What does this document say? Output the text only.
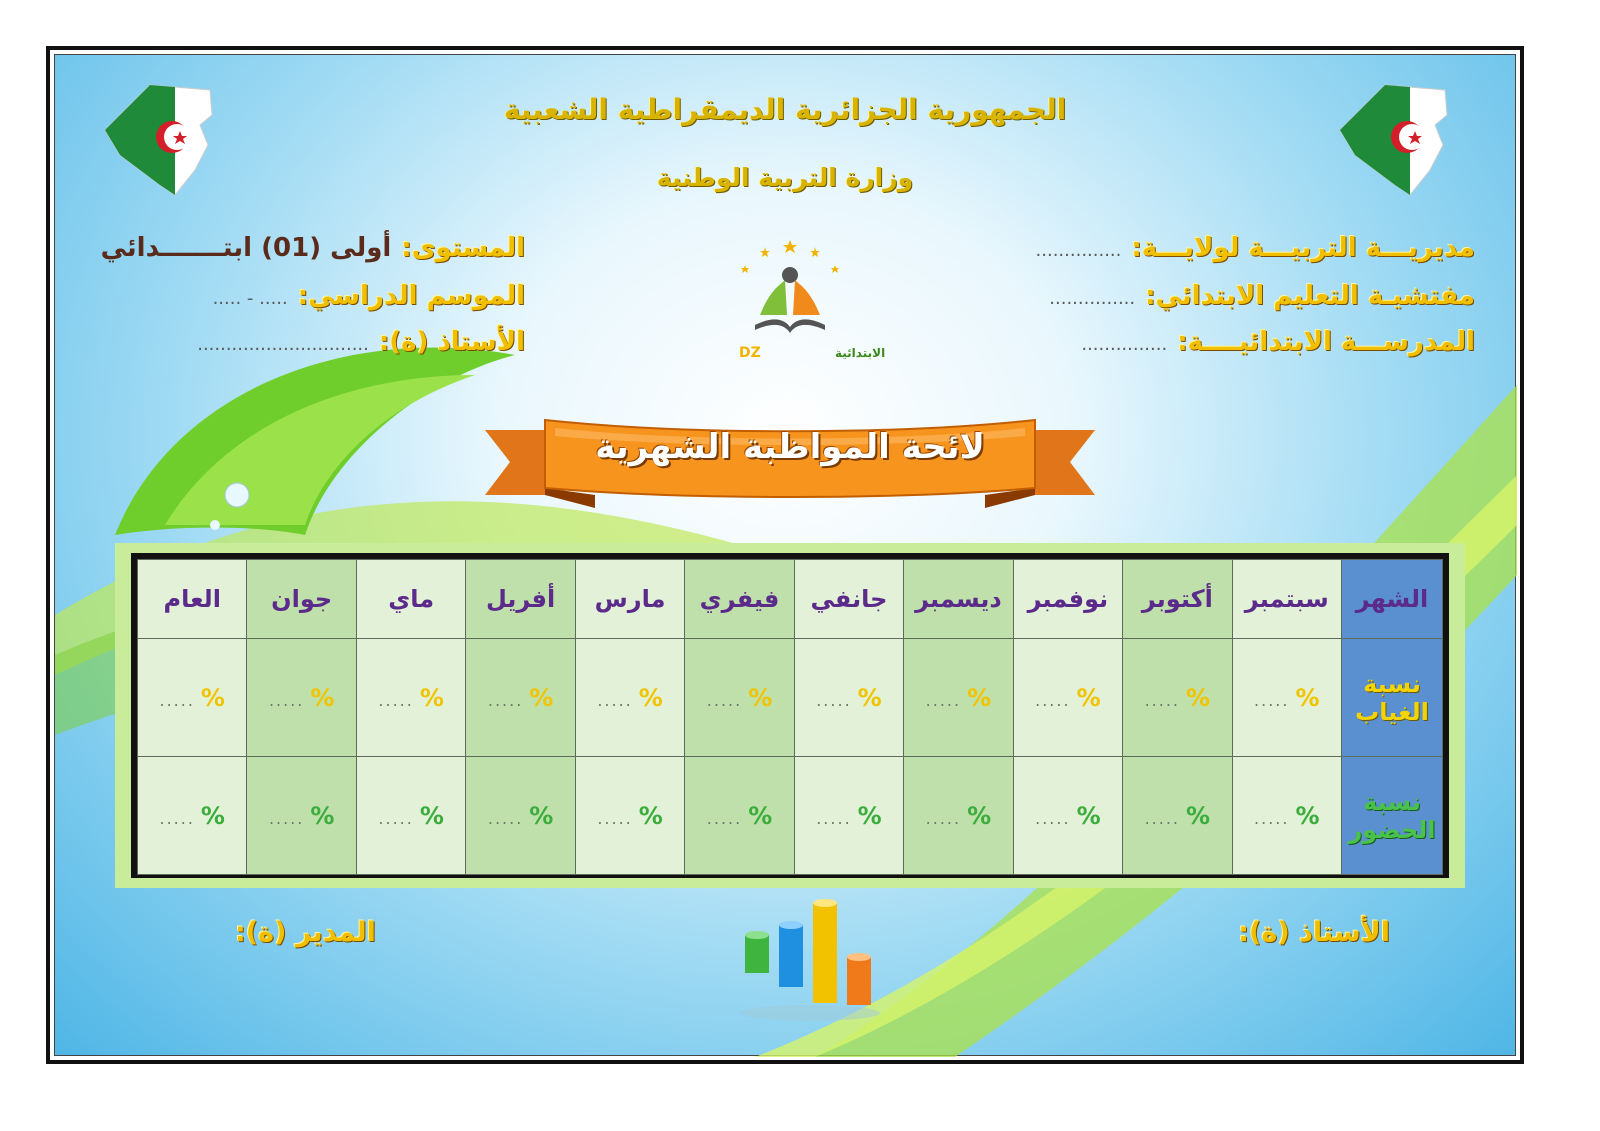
الجمهورية الجزائرية الديمقراطية الشعبية
وزارة التربية الوطنية
مديريـــة التربيـــة لولايـــة:...............
مفتشيـة التعليم الابتدائي:...............
المدرســـة الابتدائيــــة:...............
المستوى:أولى (01) ابتـــــــدائي
الموسم الدراسي:..... - .....
الأستاذ (ة):..............................	DZ	الابتدائية
لائحة المواظبة الشهرية
الشهر	سبتمبر	أكتوبر	نوفمبر	ديسمبر	جانفي	فيفري	مارس	أفريل	ماي	جوان	العام

نسبة
الغياب	%.....	%.....	%.....	%.....	%.....	%.....	%.....	%.....	%.....	%.....	%.....

نسبة
الحضور	%.....	%.....	%.....	%.....	%.....	%.....	%.....	%.....	%.....	%.....	%.....
الأستاذ (ة):
المدير (ة):
